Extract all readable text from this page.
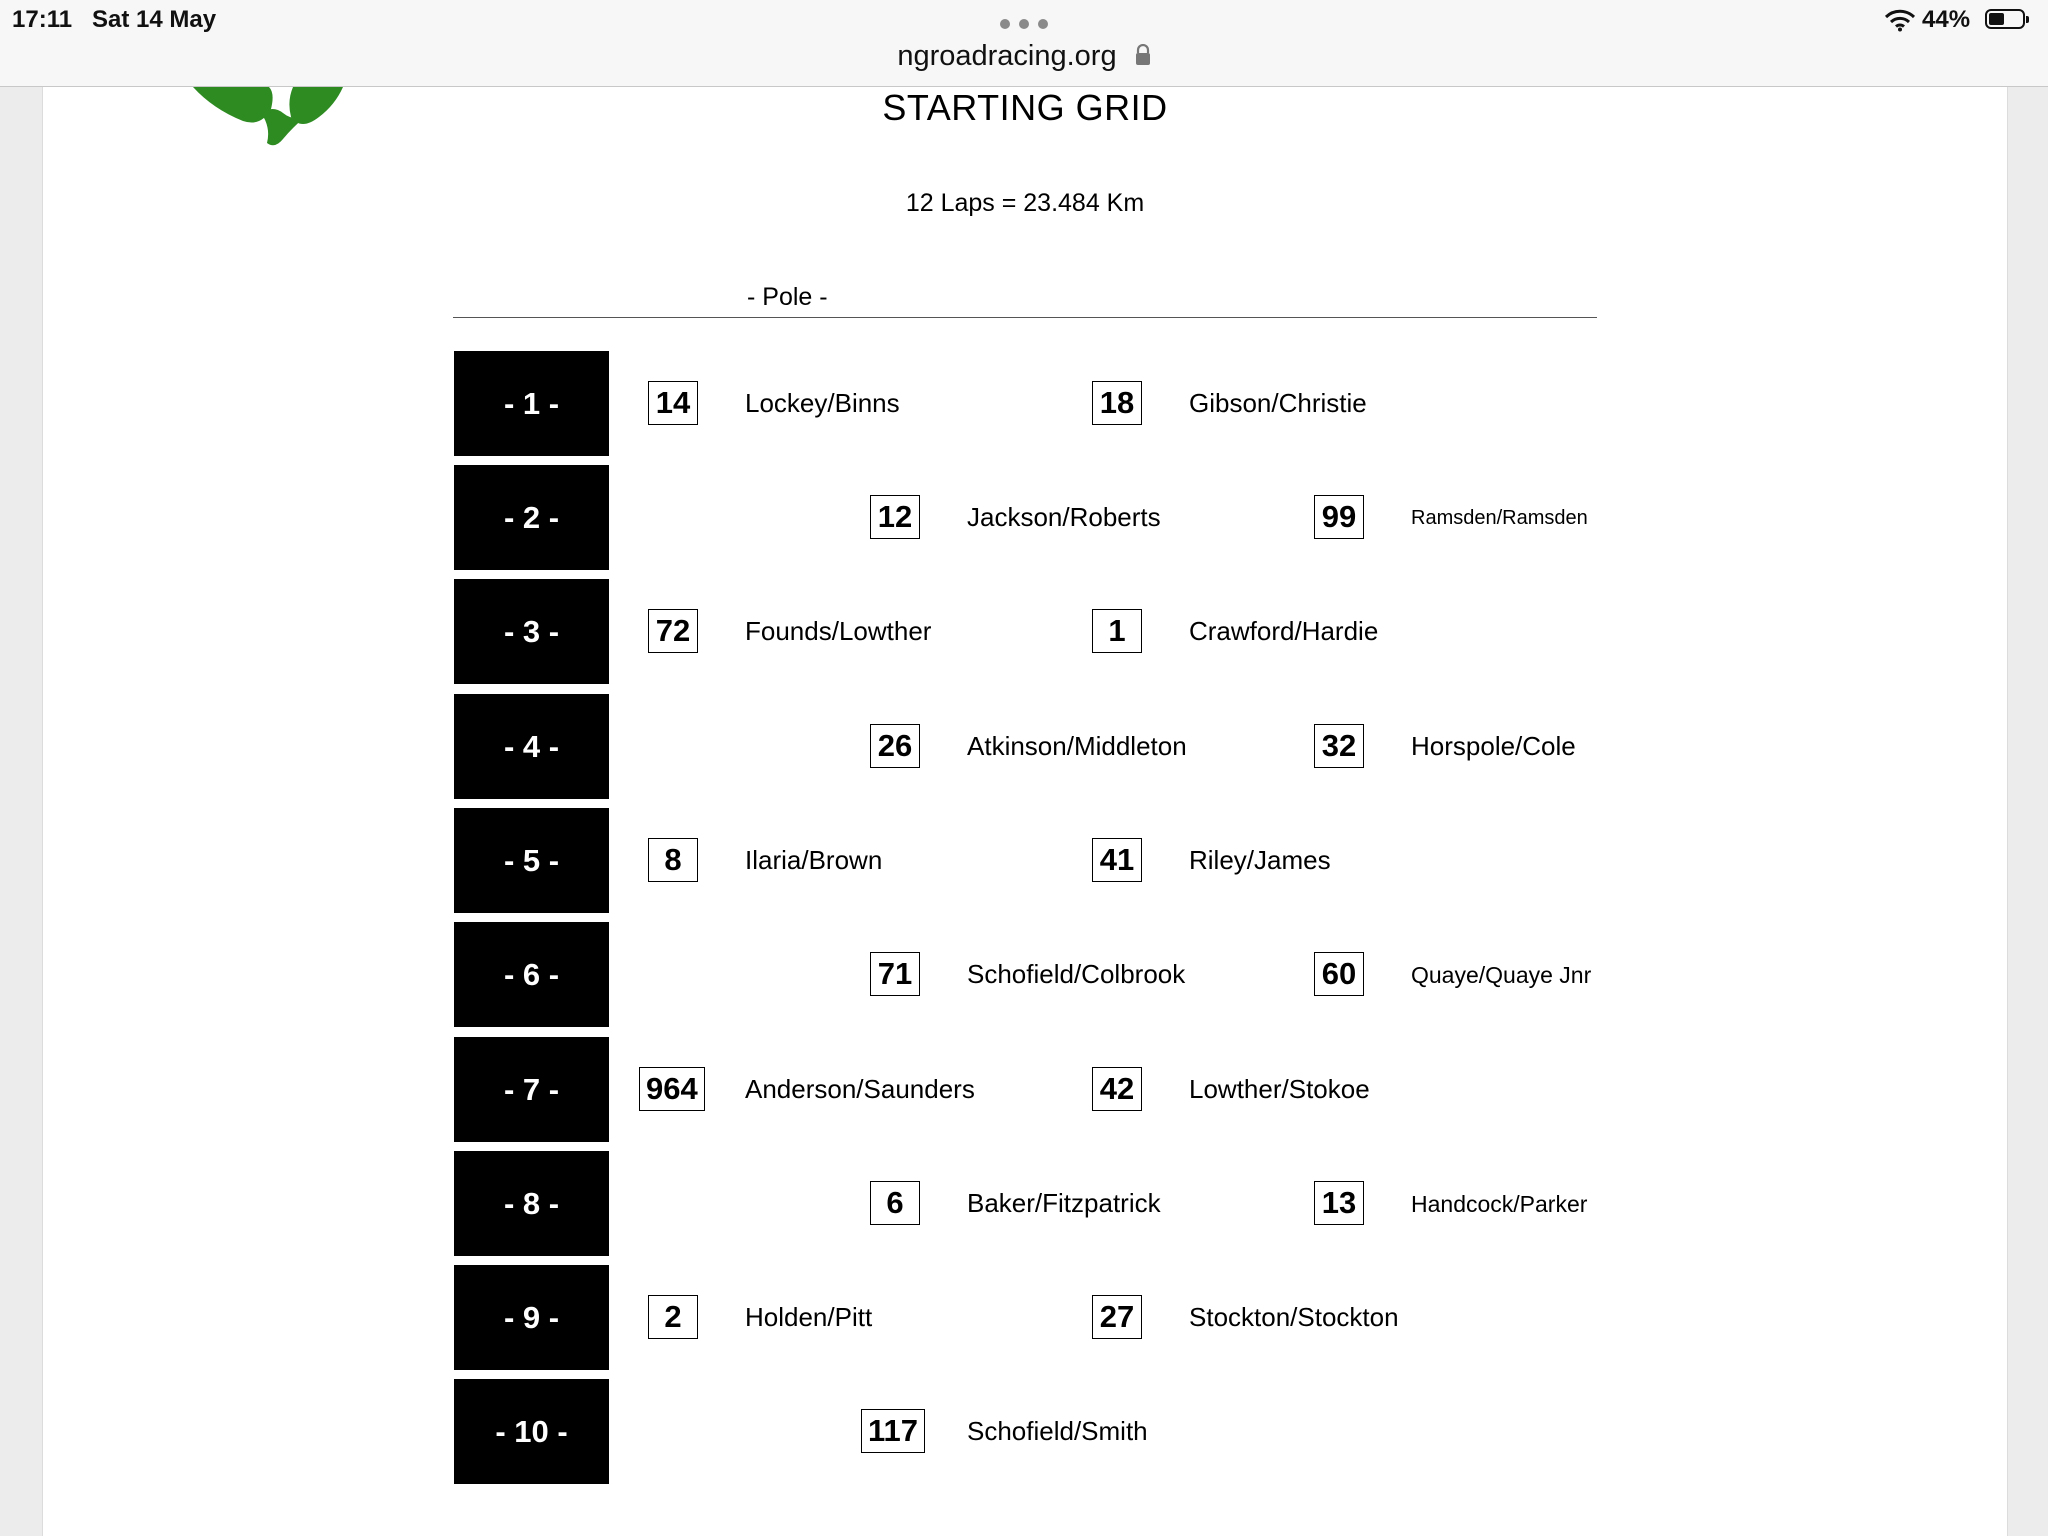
17:11 Sat 14 May
ngroadracing.org
44%
STARTING GRID
12 Laps = 23.484 Km
- Pole -
- 1 -	14 Lockey/Binns	18 Gibson/Christie
- 2 -	12 Jackson/Roberts	99	Ramsden/Ramsden
- 3 -	72 Founds/Lowther	1	Crawford/Hardie
- 4 -	26 Atkinson/Middleton	32 Horspole/Cole
- 5 -	8	Ilaria/Brown	41 Riley/James
- 6 -	71 Schofield/Colbrook	60	Quaye/Quaye Jnr
- 7 -	964 Anderson/Saunders	42 Lowther/Stokoe
- 8 -	6	Baker/Fitzpatrick	13	Handcock/Parker
- 9 -	2	Holden/Pitt	27 Stockton/Stockton
- 10 -	117 Schofield/Smith
